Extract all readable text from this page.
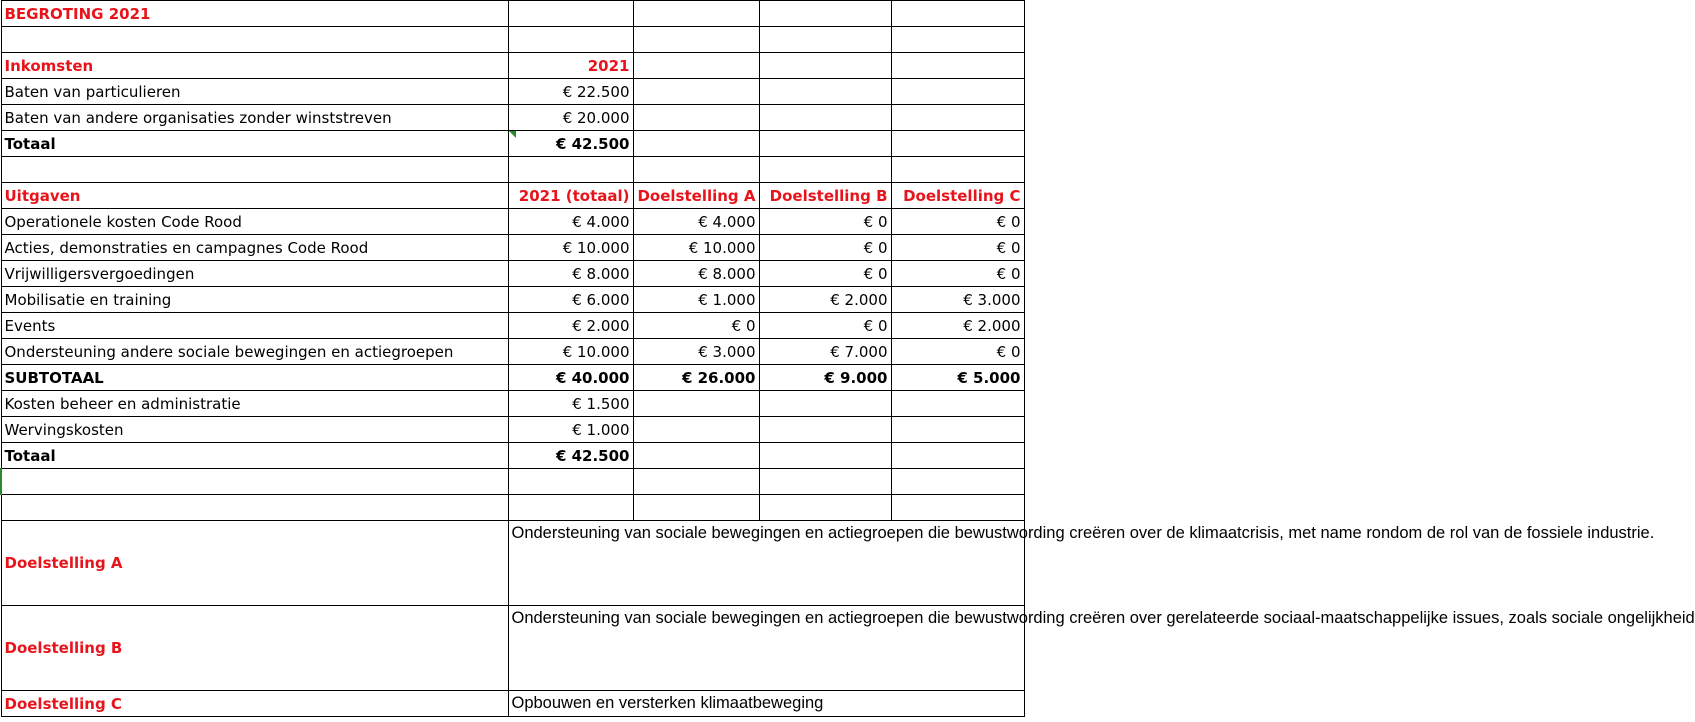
BEGROTING 2021				

Inkomsten	2021			
Baten van particulieren	€ 22.500			
Baten van andere organisaties zonder winststreven	€ 20.000			
Totaal	€ 42.500			

Uitgaven	2021 (totaal)	Doelstelling A	Doelstelling B	Doelstelling C
Operationele kosten Code Rood	€ 4.000	€ 4.000	€ 0	€ 0
Acties, demonstraties en campagnes Code Rood	€ 10.000	€ 10.000	€ 0	€ 0
Vrijwilligersvergoedingen	€ 8.000	€ 8.000	€ 0	€ 0
Mobilisatie en training	€ 6.000	€ 1.000	€ 2.000	€ 3.000
Events	€ 2.000	€ 0	€ 0	€ 2.000
Ondersteuning andere sociale bewegingen en actiegroepen	€ 10.000	€ 3.000	€ 7.000	€ 0
SUBTOTAAL	€ 40.000	€ 26.000	€ 9.000	€ 5.000
Kosten beheer en administratie	€ 1.500			
Wervingskosten	€ 1.000			
Totaal	€ 42.500			

Doelstelling A	Ondersteuning van sociale bewegingen en actiegroepen die bewustwording creëren over de klimaatcrisis, met name rondom de rol van de fossiele industrie.			
Doelstelling B	Ondersteuning van sociale bewegingen en actiegroepen die bewustwording creëren over gerelateerde sociaal-maatschappelijke issues, zoals sociale ongelijkheid			
Doelstelling C	Opbouwen en versterken klimaatbeweging			
